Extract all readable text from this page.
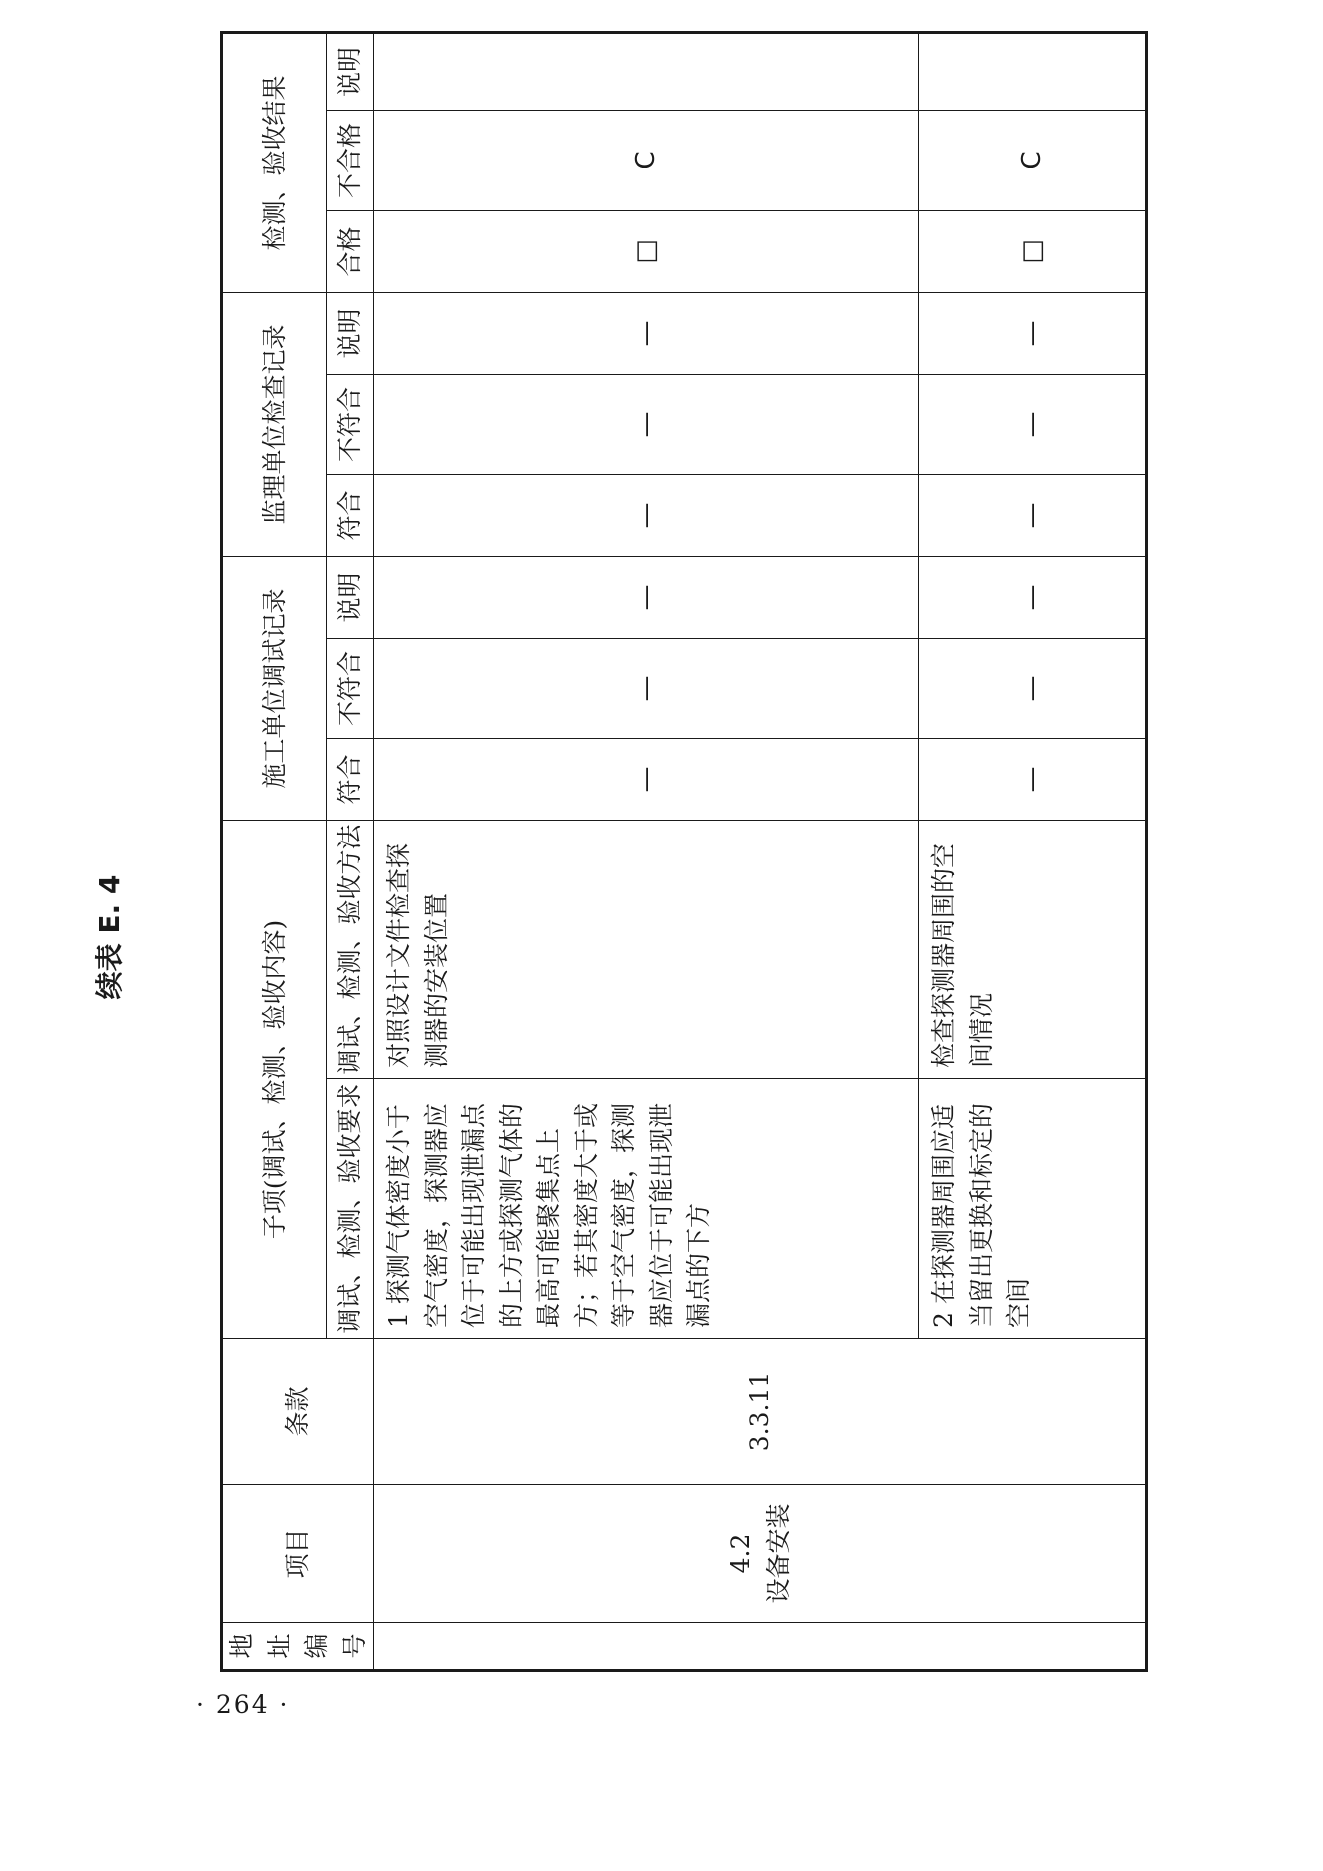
· 264 ·
续表 E. 4
地址编号	项目	条款	子项(调试、检测、验收内容)		施工单位调试记录			监理单位检查记录			检测、验收结果		
			调试、检测、验收要求	调试、检测、验收方法	符合	不符合	说明	符合	不符合	说明	合格	不合格	说明

	4.2 设备安装	3.3.11	1 探测气体密度小于空气密度，探测器应位于可能出现泄漏点的上方或探测气体的最高可能聚集点上方；若其密度大于或等于空气密度，探测器应位于可能出现泄漏点的下方	对照设计文件检查探测器的安装位置	—	—	—	—	—	—	□	C	
			2 在探测器周围应适当留出更换和标定的空间	检查探测器周围的空间情况	—	—	—	—	—	—	□	C	
